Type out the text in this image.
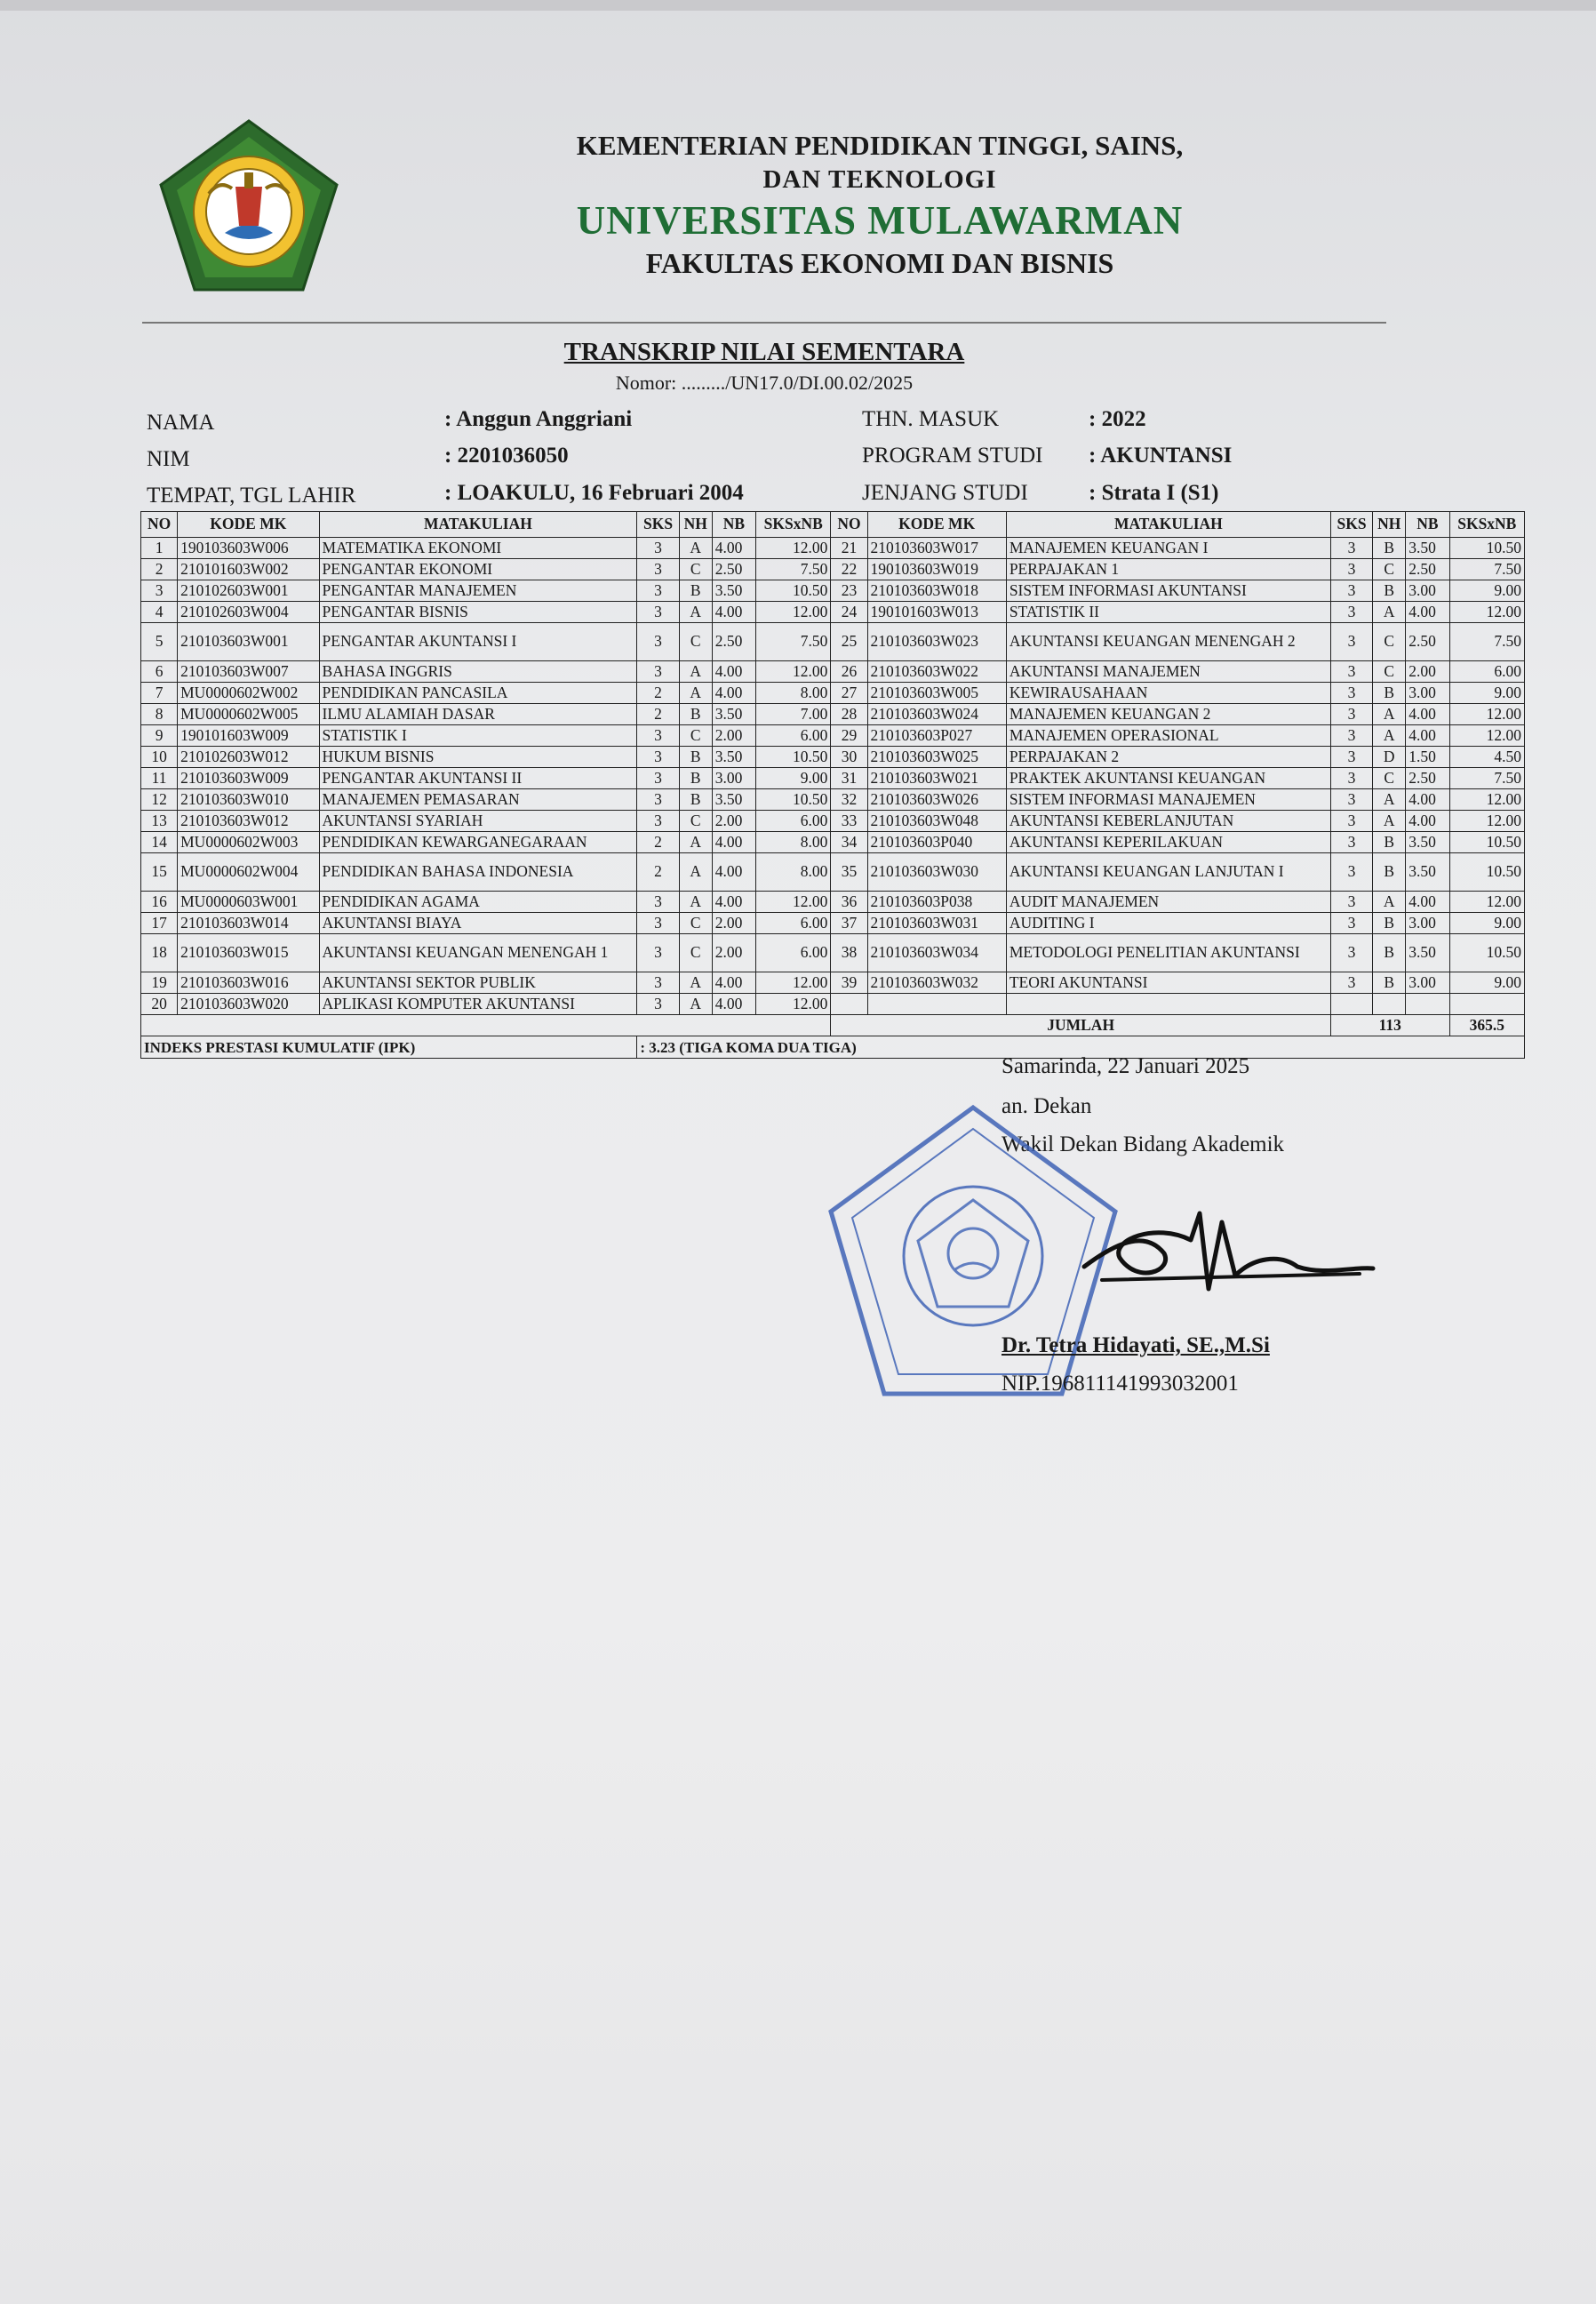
KEMENTERIAN PENDIDIKAN TINGGI, SAINS,
DAN TEKNOLOGI
UNIVERSITAS MULAWARMAN
FAKULTAS EKONOMI DAN BISNIS
TRANSKRIP NILAI SEMENTARA
Nomor: ........./UN17.0/DI.00.02/2025
NAMA	: Anggun Anggriani
NIM	: 2201036050
TEMPAT, TGL LAHIR	: LOAKULU, 16 Februari 2004
THN. MASUK	: 2022
PROGRAM STUDI : AKUNTANSI
JENJANG STUDI	: Strata I (S1)
NO	KODE MK	MATAKULIAH	SKS	NH	NB	SKSxNB	NO	KODE MK	MATAKULIAH	SKS	NH	NB	SKSxNB
1	190103603W006	MATEMATIKA EKONOMI	3	A	4.00	12.00	21	210103603W017	MANAJEMEN KEUANGAN I	3	B	3.50	10.50
2	210101603W002	PENGANTAR EKONOMI	3	C	2.50	7.50	22	190103603W019	PERPAJAKAN 1	3	C	2.50	7.50
3	210102603W001	PENGANTAR MANAJEMEN	3	B	3.50	10.50	23	210103603W018	SISTEM INFORMASI AKUNTANSI	3	B	3.00	9.00
4	210102603W004	PENGANTAR BISNIS	3	A	4.00	12.00	24	190101603W013	STATISTIK II	3	A	4.00	12.00
5	210103603W001	PENGANTAR AKUNTANSI I	3	C	2.50	7.50	25	210103603W023	AKUNTANSI KEUANGAN MENENGAH 2	3	C	2.50	7.50
6	210103603W007	BAHASA INGGRIS	3	A	4.00	12.00	26	210103603W022	AKUNTANSI MANAJEMEN	3	C	2.00	6.00
7	MU0000602W002	PENDIDIKAN PANCASILA	2	A	4.00	8.00	27	210103603W005	KEWIRAUSAHAAN	3	B	3.00	9.00
8	MU0000602W005	ILMU ALAMIAH DASAR	2	B	3.50	7.00	28	210103603W024	MANAJEMEN KEUANGAN 2	3	A	4.00	12.00
9	190101603W009	STATISTIK I	3	C	2.00	6.00	29	210103603P027	MANAJEMEN OPERASIONAL	3	A	4.00	12.00
10	210102603W012	HUKUM BISNIS	3	B	3.50	10.50	30	210103603W025	PERPAJAKAN 2	3	D	1.50	4.50
11	210103603W009	PENGANTAR AKUNTANSI II	3	B	3.00	9.00	31	210103603W021	PRAKTEK AKUNTANSI KEUANGAN	3	C	2.50	7.50
12	210103603W010	MANAJEMEN PEMASARAN	3	B	3.50	10.50	32	210103603W026	SISTEM INFORMASI MANAJEMEN	3	A	4.00	12.00
13	210103603W012	AKUNTANSI SYARIAH	3	C	2.00	6.00	33	210103603W048	AKUNTANSI KEBERLANJUTAN	3	A	4.00	12.00
14	MU0000602W003	PENDIDIKAN KEWARGANEGARAAN	2	A	4.00	8.00	34	210103603P040	AKUNTANSI KEPERILAKUAN	3	B	3.50	10.50
15	MU0000602W004	PENDIDIKAN BAHASA INDONESIA	2	A	4.00	8.00	35	210103603W030	AKUNTANSI KEUANGAN LANJUTAN I	3	B	3.50	10.50
16	MU0000603W001	PENDIDIKAN AGAMA	3	A	4.00	12.00	36	210103603P038	AUDIT MANAJEMEN	3	A	4.00	12.00
17	210103603W014	AKUNTANSI BIAYA	3	C	2.00	6.00	37	210103603W031	AUDITING I	3	B	3.00	9.00
18	210103603W015	AKUNTANSI KEUANGAN MENENGAH 1	3	C	2.00	6.00	38	210103603W034	METODOLOGI PENELITIAN AKUNTANSI	3	B	3.50	10.50
19	210103603W016	AKUNTANSI SEKTOR PUBLIK	3	A	4.00	12.00	39	210103603W032	TEORI AKUNTANSI	3	B	3.00	9.00
20	210103603W020	APLIKASI KOMPUTER AKUNTANSI	3	A	4.00	12.00							
							JUMLAH			113			365.5
INDEKS PRESTASI KUMULATIF (IPK)			: 3.23 (TIGA KOMA DUA TIGA)										
Samarinda, 22 Januari 2025
an. Dekan
Wakil Dekan Bidang Akademik
Dr. Tetra Hidayati, SE.,M.Si
NIP.196811141993032001
